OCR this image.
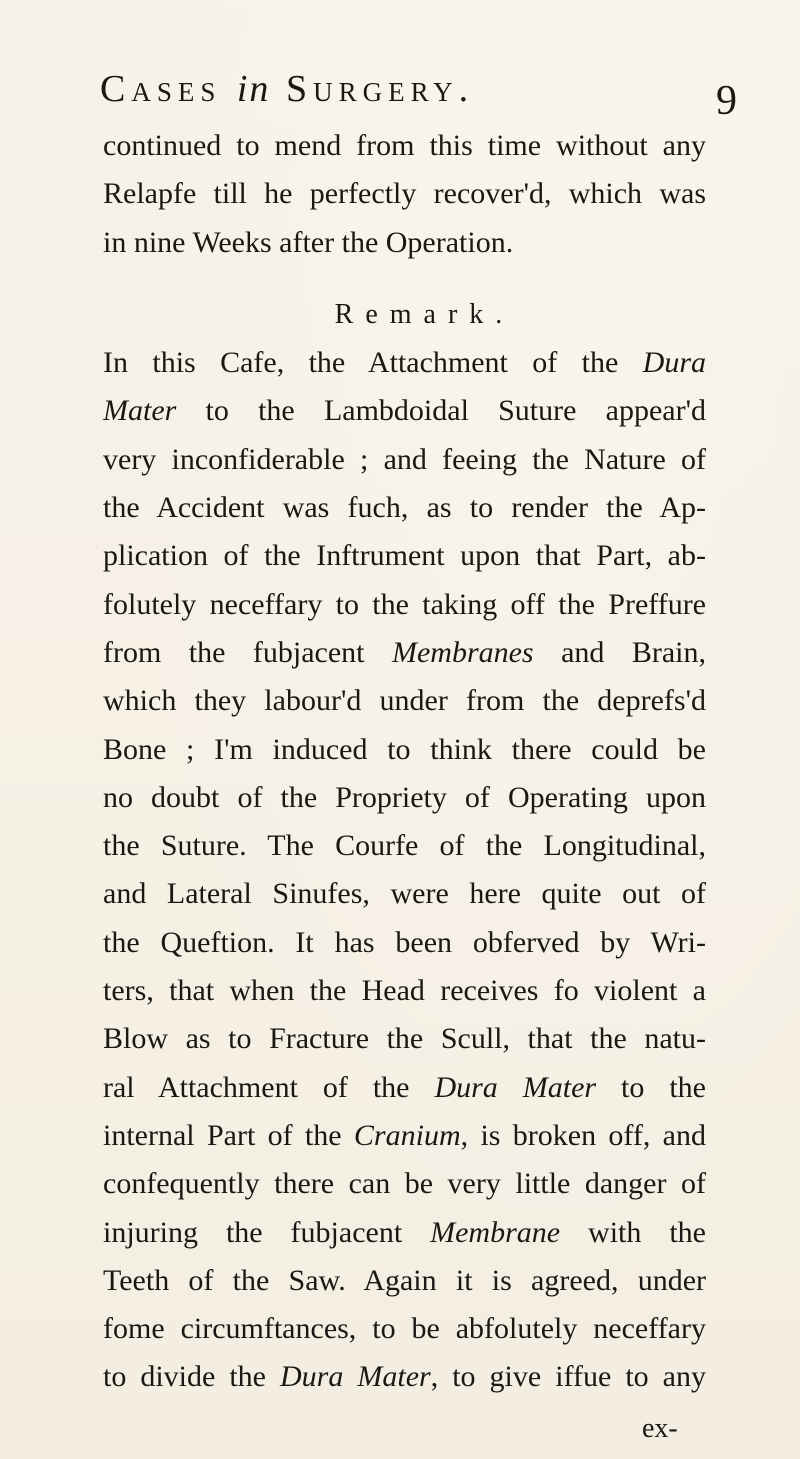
Cases in Surgery.	9
continued to mend from this time without any
Relapfe till he perfectly recover'd, which was
in nine Weeks after the Operation.
Remark.
In this Cafe, the Attachment of the Dura
Mater to the Lambdoidal Suture appear'd
very inconfiderable ; and feeing the Nature of
the Accident was fuch, as to render the Ap-
plication of the Inftrument upon that Part, ab-
folutely neceffary to the taking off the Preffure
from the fubjacent Membranes and Brain,
which they labour'd under from the deprefs'd
Bone ; I'm induced to think there could be
no doubt of the Propriety of Operating upon
the Suture. The Courfe of the Longitudinal,
and Lateral Sinufes, were here quite out of
the Queftion. It has been obferved by Wri-
ters, that when the Head receives fo violent a
Blow as to Fracture the Scull, that the natu-
ral Attachment of the Dura Mater to the
internal Part of the Cranium, is broken off, and
confequently there can be very little danger of
injuring the fubjacent Membrane with the
Teeth of the Saw. Again it is agreed, under
fome circumftances, to be abfolutely neceffary
to divide the Dura Mater, to give iffue to any
ex-
